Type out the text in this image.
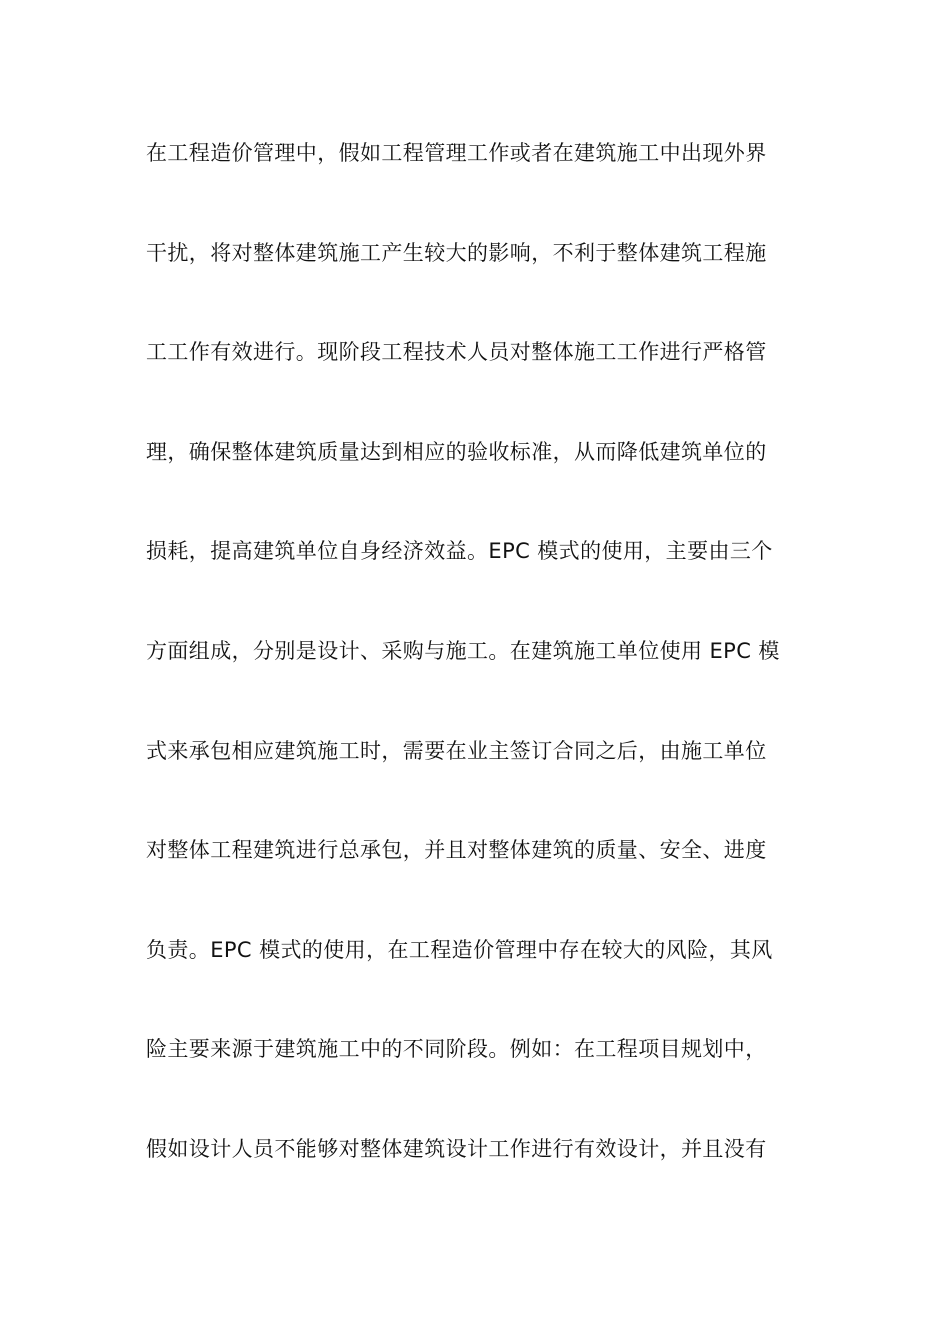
在工程造价管理中，假如工程管理工作或者在建筑施工中出现外界
干扰，将对整体建筑施工产生较大的影响，不利于整体建筑工程施
工工作有效进行。现阶段工程技术人员对整体施工工作进行严格管
理，确保整体建筑质量达到相应的验收标准，从而降低建筑单位的
损耗，提高建筑单位自身经济效益。EPC 模式的使用，主要由三个
方面组成，分别是设计、采购与施工。在建筑施工单位使用 EPC 模
式来承包相应建筑施工时，需要在业主签订合同之后，由施工单位
对整体工程建筑进行总承包，并且对整体建筑的质量、安全、进度
负责。EPC 模式的使用，在工程造价管理中存在较大的风险，其风
险主要来源于建筑施工中的不同阶段。例如：在工程项目规划中，
假如设计人员不能够对整体建筑设计工作进行有效设计，并且没有
